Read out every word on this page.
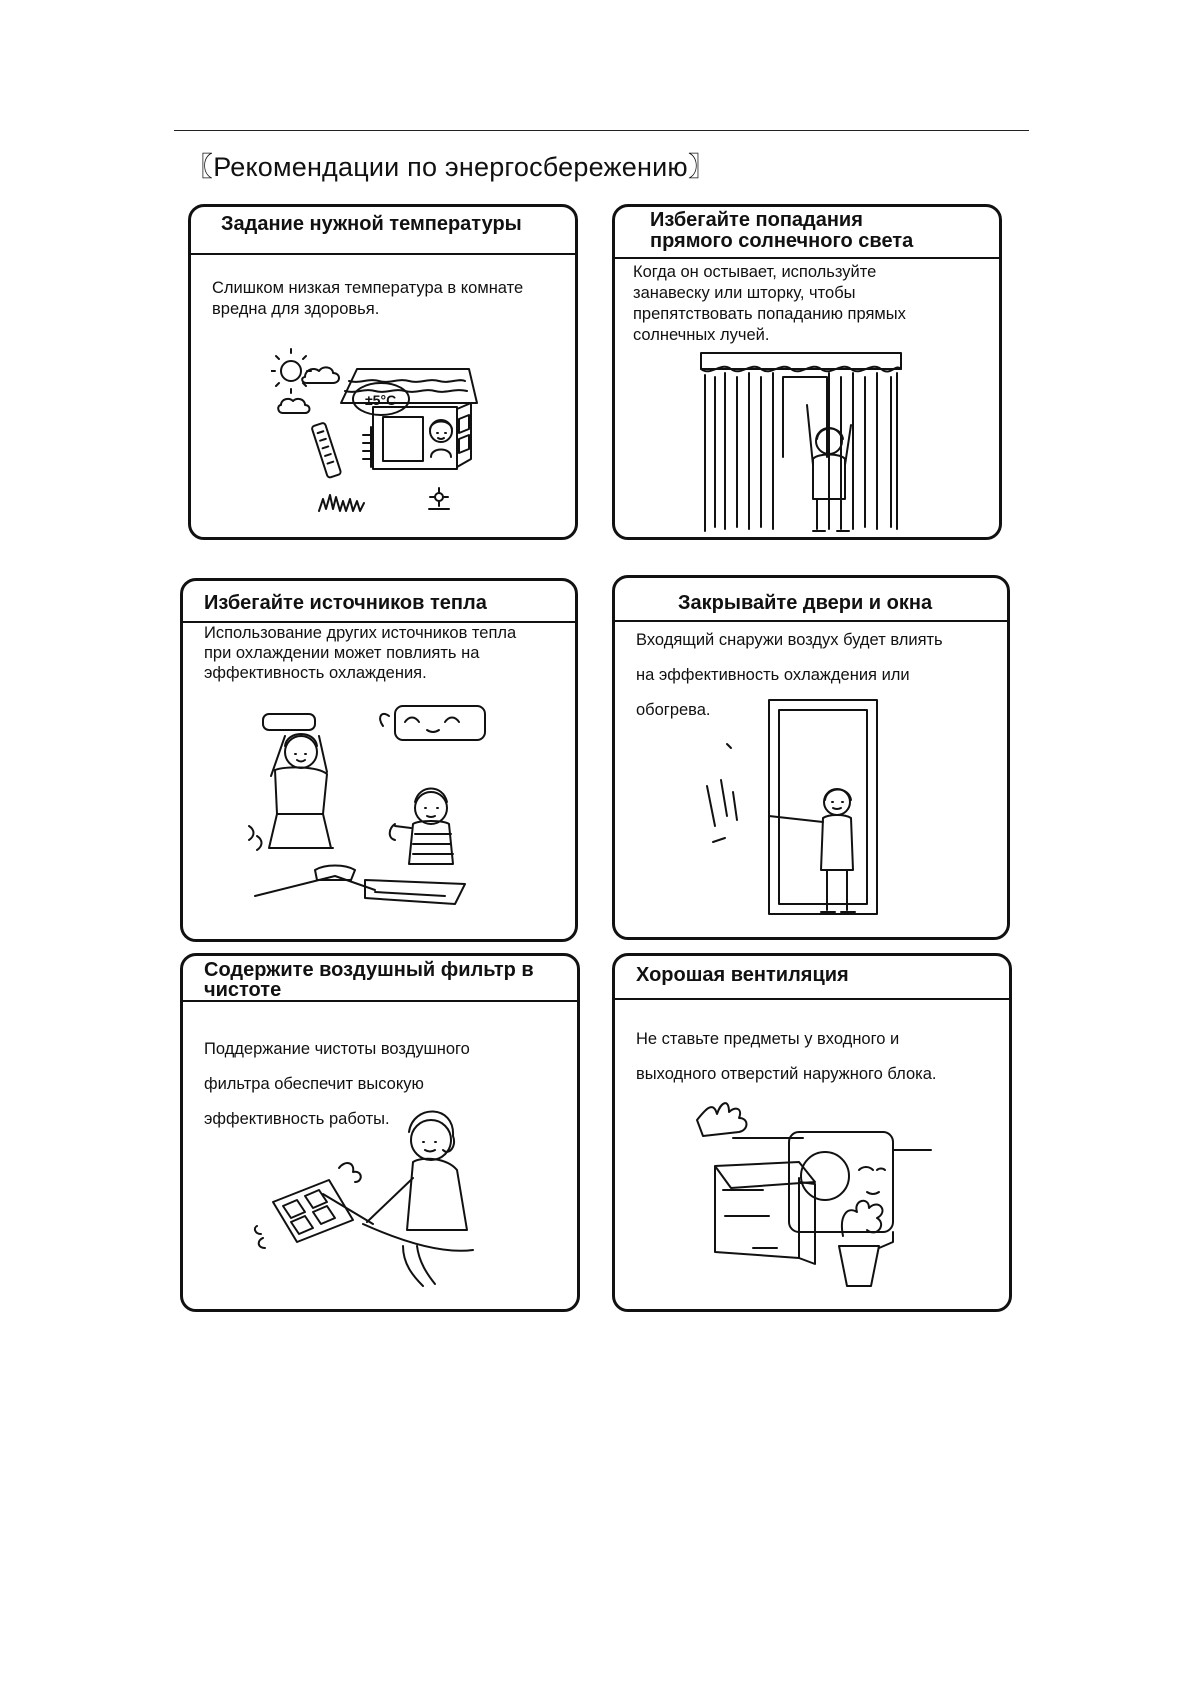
〖Рекомендации по энергосбережению〗
Задание нужной температуры
Слишком низкая температура в комнате
вредна для здоровья.
±5°C
Избегайте попадания
прямого солнечного света
Когда он остывает, используйте
занавеску или шторку, чтобы
препятствовать попаданию прямых
солнечных лучей.
Избегайте источников тепла
Использование других источников тепла
при охлаждении может повлиять на
эффективность охлаждения.
Закрывайте двери и окна
Входящий снаружи воздух будет влиять
на эффективность охлаждения или
обогрева.
Содержите воздушный фильтр в
чистоте
Поддержание чистоты воздушного
фильтра обеспечит высокую
эффективность работы.
Хорошая вентиляция
Не ставьте предметы у входного и
выходного отверстий наружного блока.
